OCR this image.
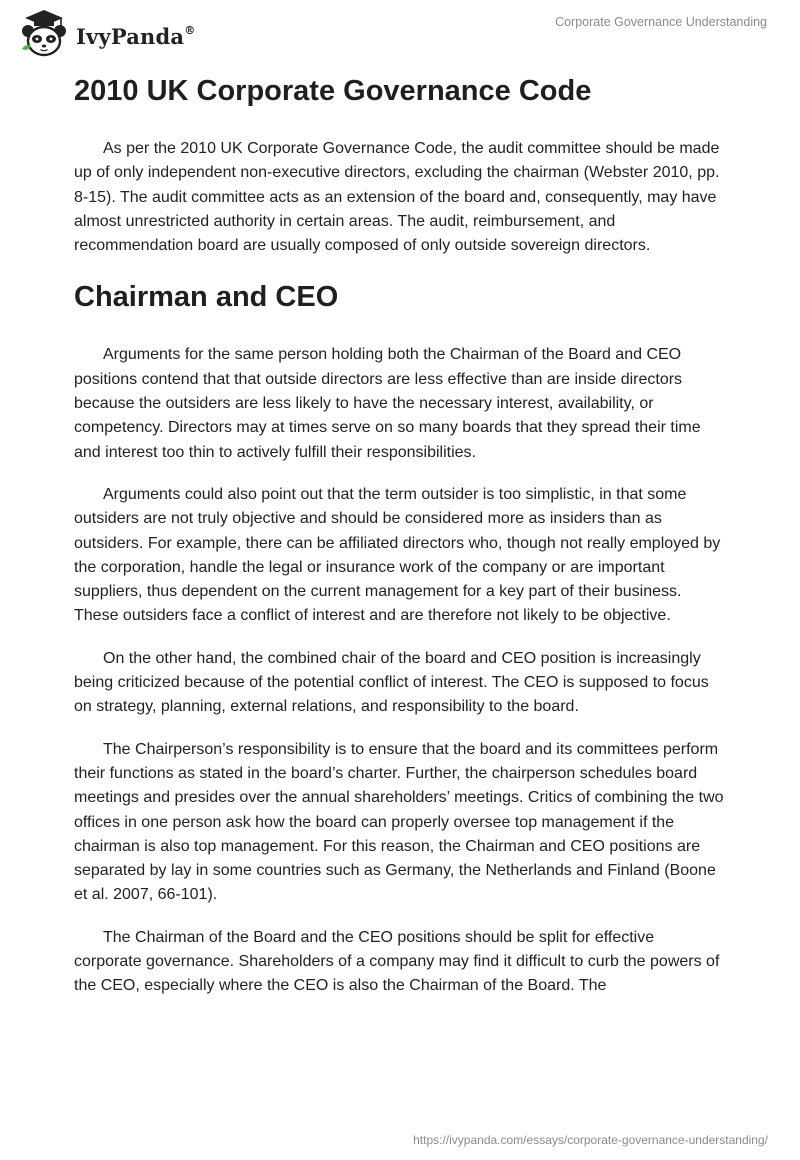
IvyPanda®
Corporate Governance Understanding
2010 UK Corporate Governance Code

As per the 2010 UK Corporate Governance Code, the audit committee should be made up of only independent non-executive directors, excluding the chairman (Webster 2010, pp. 8-15). The audit committee acts as an extension of the board and, consequently, may have almost unrestricted authority in certain areas. The audit, reimbursement, and recommendation board are usually composed of only outside sovereign directors.

Chairman and CEO

Arguments for the same person holding both the Chairman of the Board and CEO positions contend that that outside directors are less effective than are inside directors because the outsiders are less likely to have the necessary interest, availability, or competency. Directors may at times serve on so many boards that they spread their time and interest too thin to actively fulfill their responsibilities.

Arguments could also point out that the term outsider is too simplistic, in that some outsiders are not truly objective and should be considered more as insiders than as outsiders. For example, there can be affiliated directors who, though not really employed by the corporation, handle the legal or insurance work of the company or are important suppliers, thus dependent on the current management for a key part of their business. These outsiders face a conflict of interest and are therefore not likely to be objective.

On the other hand, the combined chair of the board and CEO position is increasingly being criticized because of the potential conflict of interest. The CEO is supposed to focus on strategy, planning, external relations, and responsibility to the board.

The Chairperson’s responsibility is to ensure that the board and its committees perform their functions as stated in the board’s charter. Further, the chairperson schedules board meetings and presides over the annual shareholders’ meetings. Critics of combining the two offices in one person ask how the board can properly oversee top management if the chairman is also top management. For this reason, the Chairman and CEO positions are separated by lay in some countries such as Germany, the Netherlands and Finland (Boone et al. 2007, 66-101).

The Chairman of the Board and the CEO positions should be split for effective corporate governance. Shareholders of a company may find it difficult to curb the powers of the CEO, especially where the CEO is also the Chairman of the Board. The

https://ivypanda.com/essays/corporate-governance-understanding/
